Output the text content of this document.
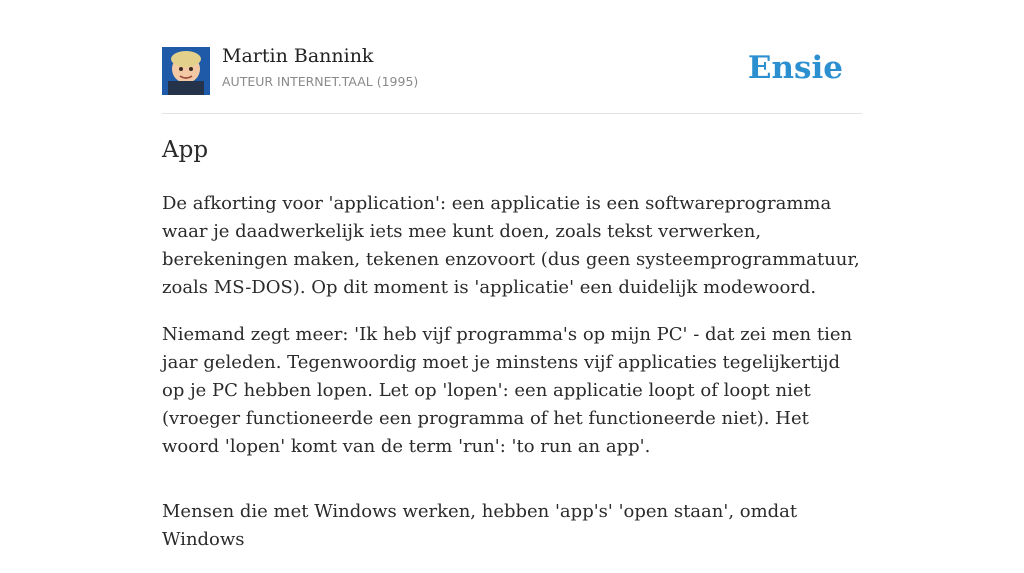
Martin Bannink
AUTEUR INTERNET.TAAL (1995)	Ensie
App

De afkorting voor 'application': een applicatie is een softwareprogramma waar je daadwerkelijk iets mee kunt doen, zoals tekst verwerken, berekeningen maken, tekenen enzovoort (dus geen systeemprogrammatuur, zoals MS-DOS). Op dit moment is 'applicatie' een duidelijk modewoord.

Niemand zegt meer: 'Ik heb vijf programma's op mijn PC' - dat zei men tien jaar geleden. Tegenwoordig moet je minstens vijf applicaties tegelijkertijd op je PC hebben lopen. Let op 'lopen': een applicatie loopt of loopt niet (vroeger functioneerde een programma of het functioneerde niet). Het woord 'lopen' komt van de term 'run': 'to run an app'.

Mensen die met Windows werken, hebben 'app's' 'open staan', omdat Windows
